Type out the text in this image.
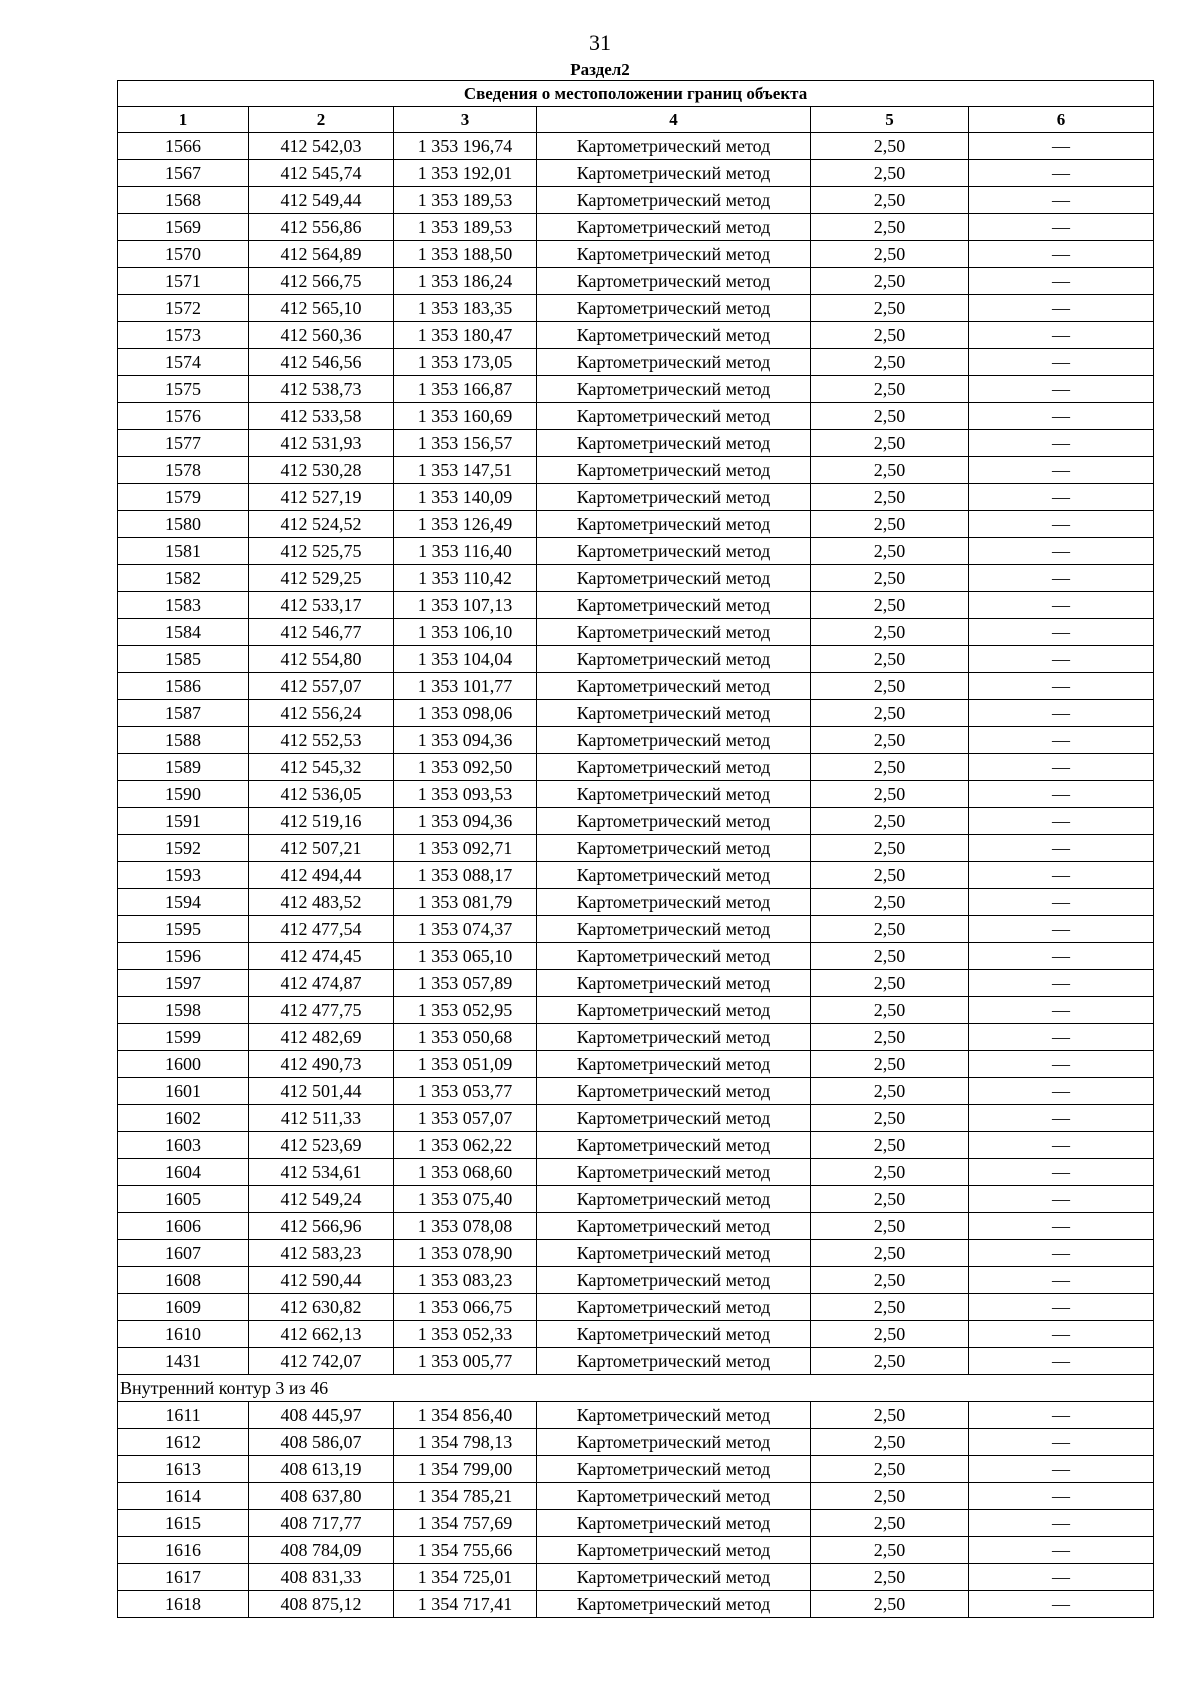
31
Раздел2
Сведения о местоположении границ объекта					
1	2	3	4	5	6
1566	412 542,03	1 353 196,74	Картометрический метод	2,50	—
1567	412 545,74	1 353 192,01	Картометрический метод	2,50	—
1568	412 549,44	1 353 189,53	Картометрический метод	2,50	—
1569	412 556,86	1 353 189,53	Картометрический метод	2,50	—
1570	412 564,89	1 353 188,50	Картометрический метод	2,50	—
1571	412 566,75	1 353 186,24	Картометрический метод	2,50	—
1572	412 565,10	1 353 183,35	Картометрический метод	2,50	—
1573	412 560,36	1 353 180,47	Картометрический метод	2,50	—
1574	412 546,56	1 353 173,05	Картометрический метод	2,50	—
1575	412 538,73	1 353 166,87	Картометрический метод	2,50	—
1576	412 533,58	1 353 160,69	Картометрический метод	2,50	—
1577	412 531,93	1 353 156,57	Картометрический метод	2,50	—
1578	412 530,28	1 353 147,51	Картометрический метод	2,50	—
1579	412 527,19	1 353 140,09	Картометрический метод	2,50	—
1580	412 524,52	1 353 126,49	Картометрический метод	2,50	—
1581	412 525,75	1 353 116,40	Картометрический метод	2,50	—
1582	412 529,25	1 353 110,42	Картометрический метод	2,50	—
1583	412 533,17	1 353 107,13	Картометрический метод	2,50	—
1584	412 546,77	1 353 106,10	Картометрический метод	2,50	—
1585	412 554,80	1 353 104,04	Картометрический метод	2,50	—
1586	412 557,07	1 353 101,77	Картометрический метод	2,50	—
1587	412 556,24	1 353 098,06	Картометрический метод	2,50	—
1588	412 552,53	1 353 094,36	Картометрический метод	2,50	—
1589	412 545,32	1 353 092,50	Картометрический метод	2,50	—
1590	412 536,05	1 353 093,53	Картометрический метод	2,50	—
1591	412 519,16	1 353 094,36	Картометрический метод	2,50	—
1592	412 507,21	1 353 092,71	Картометрический метод	2,50	—
1593	412 494,44	1 353 088,17	Картометрический метод	2,50	—
1594	412 483,52	1 353 081,79	Картометрический метод	2,50	—
1595	412 477,54	1 353 074,37	Картометрический метод	2,50	—
1596	412 474,45	1 353 065,10	Картометрический метод	2,50	—
1597	412 474,87	1 353 057,89	Картометрический метод	2,50	—
1598	412 477,75	1 353 052,95	Картометрический метод	2,50	—
1599	412 482,69	1 353 050,68	Картометрический метод	2,50	—
1600	412 490,73	1 353 051,09	Картометрический метод	2,50	—
1601	412 501,44	1 353 053,77	Картометрический метод	2,50	—
1602	412 511,33	1 353 057,07	Картометрический метод	2,50	—
1603	412 523,69	1 353 062,22	Картометрический метод	2,50	—
1604	412 534,61	1 353 068,60	Картометрический метод	2,50	—
1605	412 549,24	1 353 075,40	Картометрический метод	2,50	—
1606	412 566,96	1 353 078,08	Картометрический метод	2,50	—
1607	412 583,23	1 353 078,90	Картометрический метод	2,50	—
1608	412 590,44	1 353 083,23	Картометрический метод	2,50	—
1609	412 630,82	1 353 066,75	Картометрический метод	2,50	—
1610	412 662,13	1 353 052,33	Картометрический метод	2,50	—
1431	412 742,07	1 353 005,77	Картометрический метод	2,50	—
Внутренний контур 3 из 46					
1611	408 445,97	1 354 856,40	Картометрический метод	2,50	—
1612	408 586,07	1 354 798,13	Картометрический метод	2,50	—
1613	408 613,19	1 354 799,00	Картометрический метод	2,50	—
1614	408 637,80	1 354 785,21	Картометрический метод	2,50	—
1615	408 717,77	1 354 757,69	Картометрический метод	2,50	—
1616	408 784,09	1 354 755,66	Картометрический метод	2,50	—
1617	408 831,33	1 354 725,01	Картометрический метод	2,50	—
1618	408 875,12	1 354 717,41	Картометрический метод	2,50	—
